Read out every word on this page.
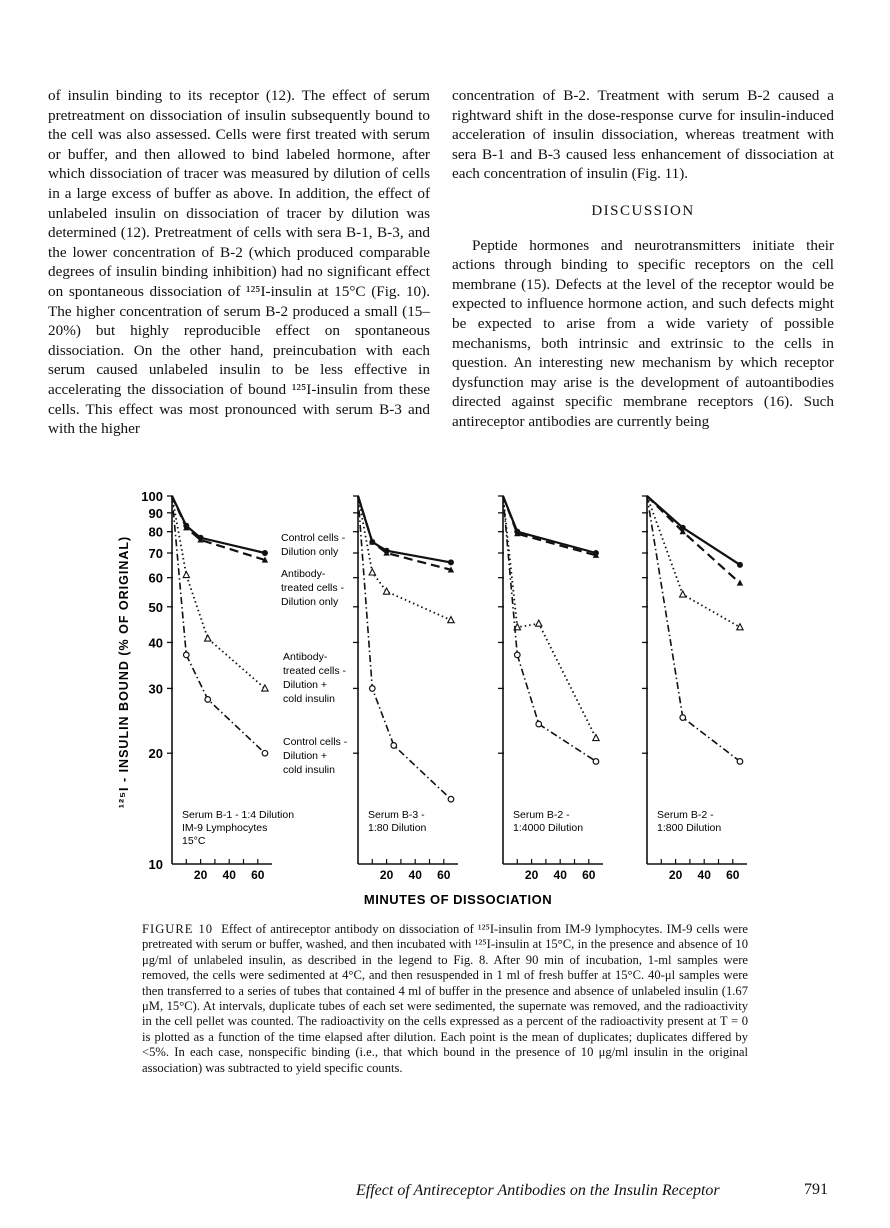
of insulin binding to its receptor (12). The effect of serum pretreatment on dissociation of insulin subsequently bound to the cell was also assessed. Cells were first treated with serum or buffer, and then allowed to bind labeled hormone, after which dissociation of tracer was measured by dilution of cells in a large excess of buffer as above. In addition, the effect of unlabeled insulin on dissociation of tracer by dilution was determined (12). Pretreatment of cells with sera B-1, B-3, and the lower concentration of B-2 (which produced comparable degrees of insulin binding inhibition) had no significant effect on spontaneous dissociation of ¹²⁵I-insulin at 15°C (Fig. 10). The higher concentration of serum B-2 produced a small (15–20%) but highly reproducible effect on spontaneous dissociation. On the other hand, preincubation with each serum caused unlabeled insulin to be less effective in accelerating the dissociation of bound ¹²⁵I-insulin from these cells. This effect was most pronounced with serum B-3 and with the higher

concentration of B-2. Treatment with serum B-2 caused a rightward shift in the dose-response curve for insulin-induced acceleration of insulin dissociation, whereas treatment with sera B-1 and B-3 caused less enhancement of dissociation at each concentration of insulin (Fig. 11).

DISCUSSION

Peptide hormones and neurotransmitters initiate their actions through binding to specific receptors on the cell membrane (15). Defects at the level of the receptor would be expected to influence hormone action, and such defects might be expected to arise from a wide variety of possible mechanisms, both intrinsic and extrinsic to the cells in question. An interesting new mechanism by which receptor dysfunction may arise is the development of autoantibodies directed against specific membrane receptors (16). Such antireceptor antibodies are currently being

¹²⁵I - INSULIN BOUND (% OF ORIGINAL)
10
20
30
40
50
60
70
80
90
100
20 40 60
Serum B-1 - 1:4 Dilution
IM-9 Lymphocytes
15°C
20 40 60
Serum B-3 -
1:80 Dilution
20 40 60
Serum B-2 -
1:4000 Dilution
20 40 60
Serum B-2 -
1:800 Dilution
Control cells -
Dilution only
Antibody-
treated cells -
Dilution only
Antibody-
treated cells -
Dilution +
cold insulin
Control cells -
Dilution +
cold insulin
MINUTES OF DISSOCIATION
FIGURE 10 Effect of antireceptor antibody on dissociation of ¹²⁵I-insulin from IM-9 lymphocytes. IM-9 cells were pretreated with serum or buffer, washed, and then incubated with ¹²⁵I-insulin at 15°C, in the presence and absence of 10 μg/ml of unlabeled insulin, as described in the legend to Fig. 8. After 90 min of incubation, 1-ml samples were removed, the cells were sedimented at 4°C, and then resuspended in 1 ml of fresh buffer at 15°C. 40-μl samples were then transferred to a series of tubes that contained 4 ml of buffer in the presence and absence of unlabeled insulin (1.67 μM, 15°C). At intervals, duplicate tubes of each set were sedimented, the supernate was removed, and the radioactivity in the cell pellet was counted. The radioactivity on the cells expressed as a percent of the radioactivity present at T = 0 is plotted as a function of the time elapsed after dilution. Each point is the mean of duplicates; duplicates differed by <5%. In each case, nonspecific binding (i.e., that which bound in the presence of 10 μg/ml insulin in the original association) was subtracted to yield specific counts.
Effect of Antireceptor Antibodies on the Insulin Receptor	791
